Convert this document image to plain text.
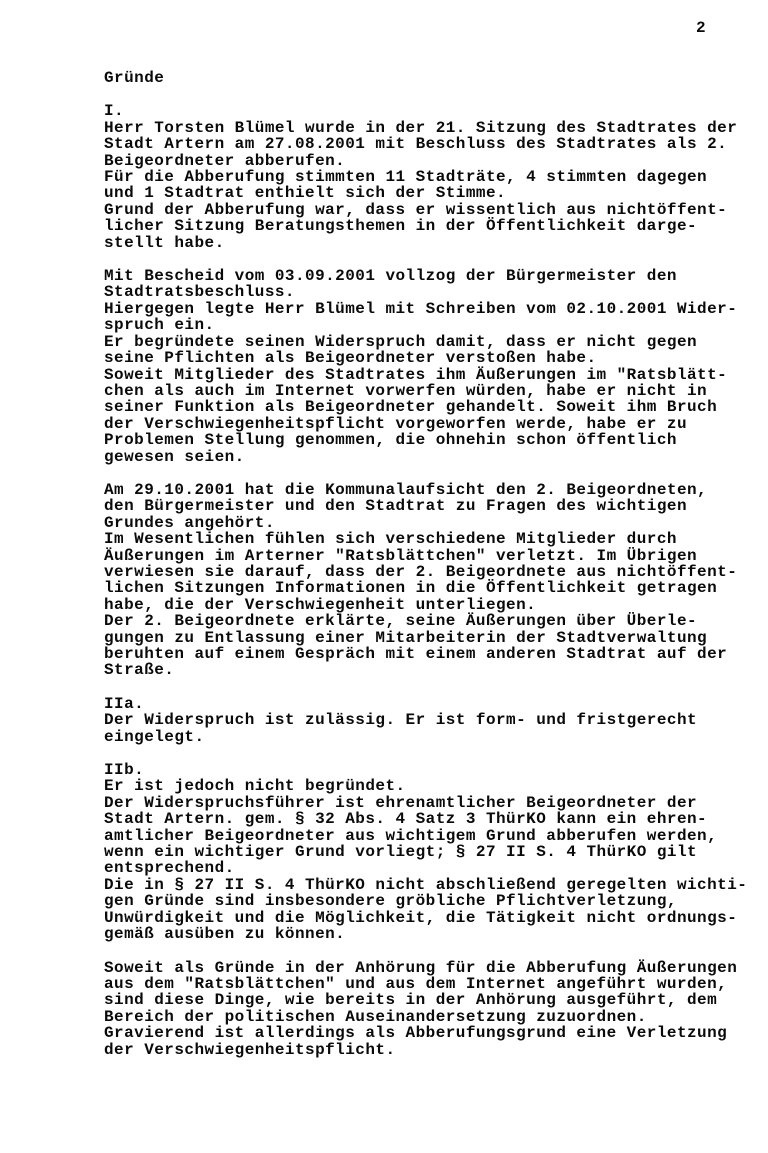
2
Gründe
I.
Herr Torsten Blümel wurde in der 21. Sitzung des Stadtrates der
Stadt Artern am 27.08.2001 mit Beschluss des Stadtrates als 2.
Beigeordneter abberufen.
Für die Abberufung stimmten 11 Stadträte, 4 stimmten dagegen
und 1 Stadtrat enthielt sich der Stimme.
Grund der Abberufung war, dass er wissentlich aus nichtöffent-
licher Sitzung Beratungsthemen in der Öffentlichkeit darge-
stellt habe.
Mit Bescheid vom 03.09.2001 vollzog der Bürgermeister den
Stadtratsbeschluss.
Hiergegen legte Herr Blümel mit Schreiben vom 02.10.2001 Wider-
spruch ein.
Er begründete seinen Widerspruch damit, dass er nicht gegen
seine Pflichten als Beigeordneter verstoßen habe.
Soweit Mitglieder des Stadtrates ihm Äußerungen im "Ratsblätt-
chen als auch im Internet vorwerfen würden, habe er nicht in
seiner Funktion als Beigeordneter gehandelt. Soweit ihm Bruch
der Verschwiegenheitspflicht vorgeworfen werde, habe er zu
Problemen Stellung genommen, die ohnehin schon öffentlich
gewesen seien.
Am 29.10.2001 hat die Kommunalaufsicht den 2. Beigeordneten,
den Bürgermeister und den Stadtrat zu Fragen des wichtigen
Grundes angehört.
Im Wesentlichen fühlen sich verschiedene Mitglieder durch
Äußerungen im Arterner "Ratsblättchen" verletzt. Im Übrigen
verwiesen sie darauf, dass der 2. Beigeordnete aus nichtöffent-
lichen Sitzungen Informationen in die Öffentlichkeit getragen
habe, die der Verschwiegenheit unterliegen.
Der 2. Beigeordnete erklärte, seine Äußerungen über Überle-
gungen zu Entlassung einer Mitarbeiterin der Stadtverwaltung
beruhten auf einem Gespräch mit einem anderen Stadtrat auf der
Straße.
IIa.
Der Widerspruch ist zulässig. Er ist form- und fristgerecht
eingelegt.
IIb.
Er ist jedoch nicht begründet.
Der Widerspruchsführer ist ehrenamtlicher Beigeordneter der
Stadt Artern. gem. § 32 Abs. 4 Satz 3 ThürKO kann ein ehren-
amtlicher Beigeordneter aus wichtigem Grund abberufen werden,
wenn ein wichtiger Grund vorliegt; § 27 II S. 4 ThürKO gilt
entsprechend.
Die in § 27 II S. 4 ThürKO nicht abschließend geregelten wichti-
gen Gründe sind insbesondere gröbliche Pflichtverletzung,
Unwürdigkeit und die Möglichkeit, die Tätigkeit nicht ordnungs-
gemäß ausüben zu können.
Soweit als Gründe in der Anhörung für die Abberufung Äußerungen
aus dem "Ratsblättchen" und aus dem Internet angeführt wurden,
sind diese Dinge, wie bereits in der Anhörung ausgeführt, dem
Bereich der politischen Auseinandersetzung zuzuordnen.
Gravierend ist allerdings als Abberufungsgrund eine Verletzung
der Verschwiegenheitspflicht.
